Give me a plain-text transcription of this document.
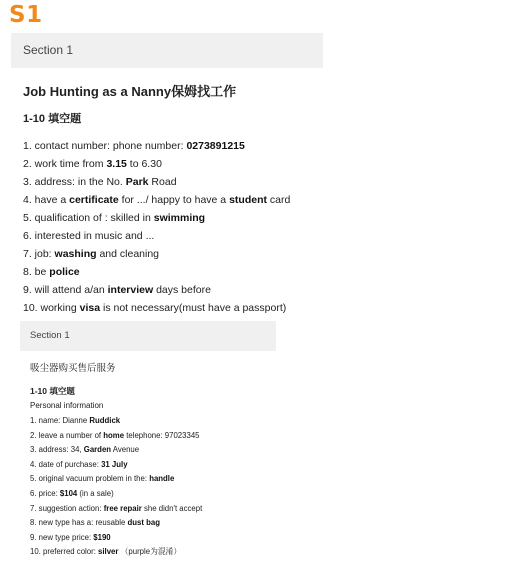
S1
Section 1
Job Hunting as a Nanny保姆找工作
1-10 填空题
1. contact number: phone number: 0273891215
2. work time from 3.15 to 6.30
3. address: in the No. Park Road
4. have a certificate for .../ happy to have a student card
5. qualification of : skilled in swimming
6. interested in music and ...
7. job: washing and cleaning
8. be police
9. will attend a/an interview days before
10. working visa is not necessary(must have a passport)
Section 1
吸尘器购买售后服务
1-10 填空题
Personal information
1. name: Dianne Ruddick
2. leave a number of home telephone: 97023345
3. address: 34, Garden Avenue
4. date of purchase: 31 July
5. original vacuum problem in the: handle
6. price: $104 (in a sale)
7. suggestion action: free repair she didn't accept
8. new type has a: reusable dust bag
9. new type price: $190
10. preferred color: silver （purple为混淆）
